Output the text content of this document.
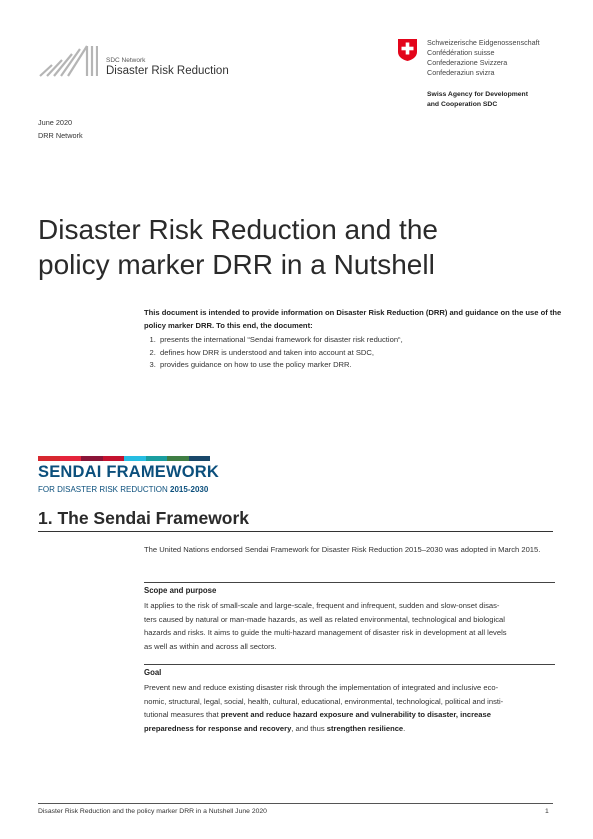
SDC Network
Disaster Risk Reduction
Schweizerische Eidgenossenschaft
Confédération suisse
Confederazione Svizzera
Confederaziun svizra
Swiss Agency for Development
and Cooperation SDC
June 2020
DRR Network
Disaster Risk Reduction and the
policy marker DRR in a Nutshell
This document is intended to provide information on Disaster Risk Reduction (DRR) and guidance on the use of the policy marker DRR. To this end, the document:
1. presents the international “Sendai framework for disaster risk reduction“,
2. defines how DRR is understood and taken into account at SDC,
3. provides guidance on how to use the policy marker DRR.
SENDAI FRAMEWORK
FOR DISASTER RISK REDUCTION 2015-2030
1. The Sendai Framework
The United Nations endorsed Sendai Framework for Disaster Risk Reduction 2015–2030 was adopted in March 2015.
Scope and purpose
It applies to the risk of small-scale and large-scale, frequent and infrequent, sudden and slow-onset disas-
ters caused by natural or man-made hazards, as well as related environmental, technological and biological
hazards and risks. It aims to guide the multi-hazard management of disaster risk in development at all levels
as well as within and across all sectors.
Goal
Prevent new and reduce existing disaster risk through the implementation of integrated and inclusive eco-
nomic, structural, legal, social, health, cultural, educational, environmental, technological, political and insti-
tutional measures that prevent and reduce hazard exposure and vulnerability to disaster, increase
preparedness for response and recovery, and thus strengthen resilience.
Disaster Risk Reduction and the policy marker DRR in a Nutshell June 2020	1
